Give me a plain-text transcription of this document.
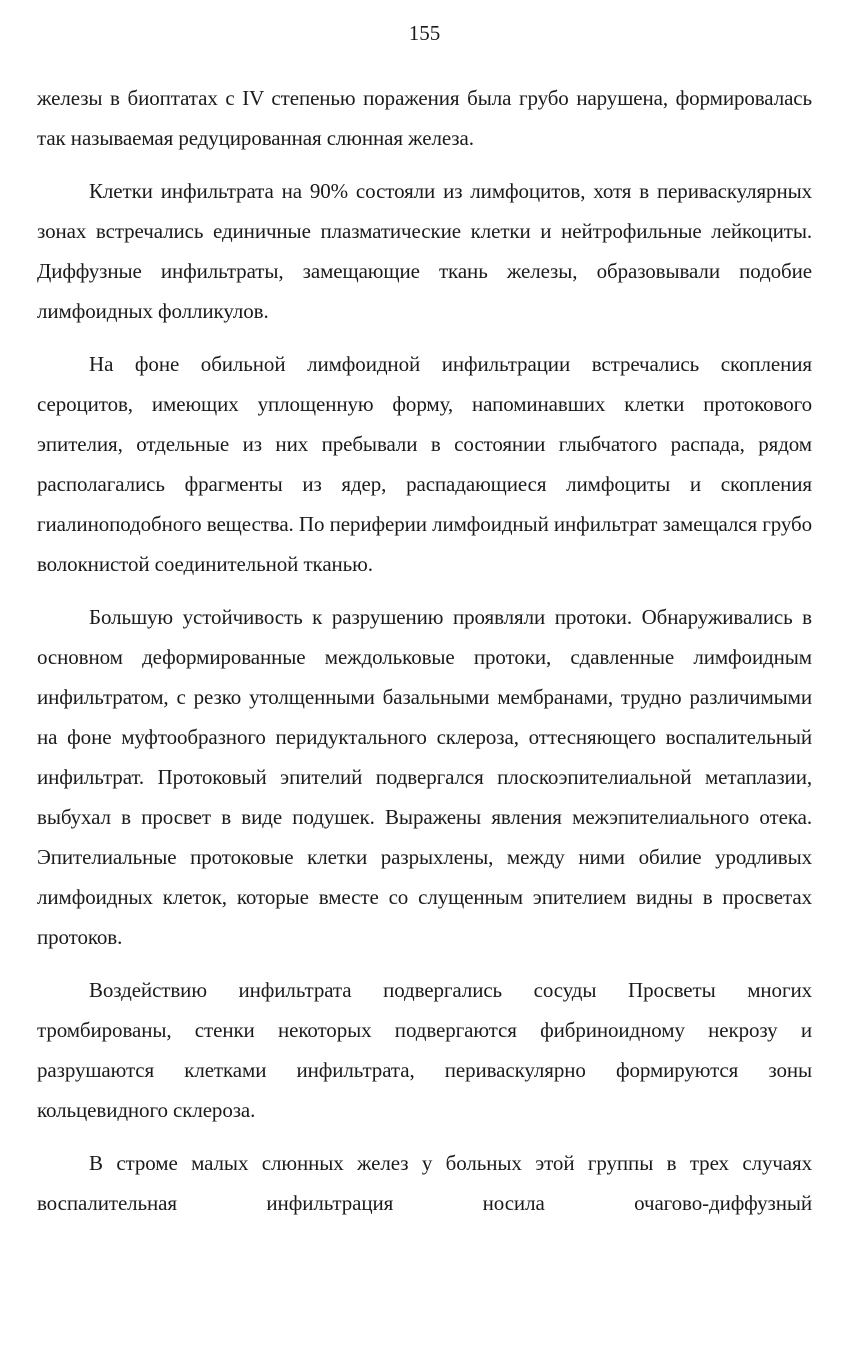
155

железы в биоптатах с IV степенью поражения была грубо нарушена, формировалась так называемая редуцированная слюнная железа.

Клетки инфильтрата на 90% состояли из лимфоцитов, хотя в периваскулярных зонах встречались единичные плазматические клетки и нейтрофильные лейкоциты. Диффузные инфильтраты, замещающие ткань железы, образовывали подобие лимфоидных фолликулов.

На фоне обильной лимфоидной инфильтрации встречались скопления сероцитов, имеющих уплощенную форму, напоминавших клетки протокового эпителия, отдельные из них пребывали в состоянии глыбчатого распада, рядом располагались фрагменты из ядер, распадающиеся лимфоциты и скопления гиалиноподобного вещества. По периферии лимфоидный инфильтрат замещался грубо волокнистой соединительной тканью.

Большую устойчивость к разрушению проявляли протоки. Обнаруживались в основном деформированные междольковые протоки, сдавленные лимфоидным инфильтратом, с резко утолщенными базальными мембранами, трудно различимыми на фоне муфтообразного перидуктального склероза, оттесняющего воспалительный инфильтрат. Протоковый эпителий подвергался плоскоэпителиальной метаплазии, выбухал в просвет в виде подушек. Выражены явления межэпителиального отека. Эпителиальные протоковые клетки разрыхлены, между ними обилие уродливых лимфоидных клеток, которые вместе со слущенным эпителием видны в просветах протоков.

Воздействию инфильтрата подвергались сосуды Просветы многих тромбированы, стенки некоторых подвергаются фибриноидному некрозу и разрушаются клетками инфильтрата, периваскулярно формируются зоны кольцевидного склероза.

В строме малых слюнных желез у больных этой группы в трех случаях воспалительная инфильтрация носила очагово-диффузный
